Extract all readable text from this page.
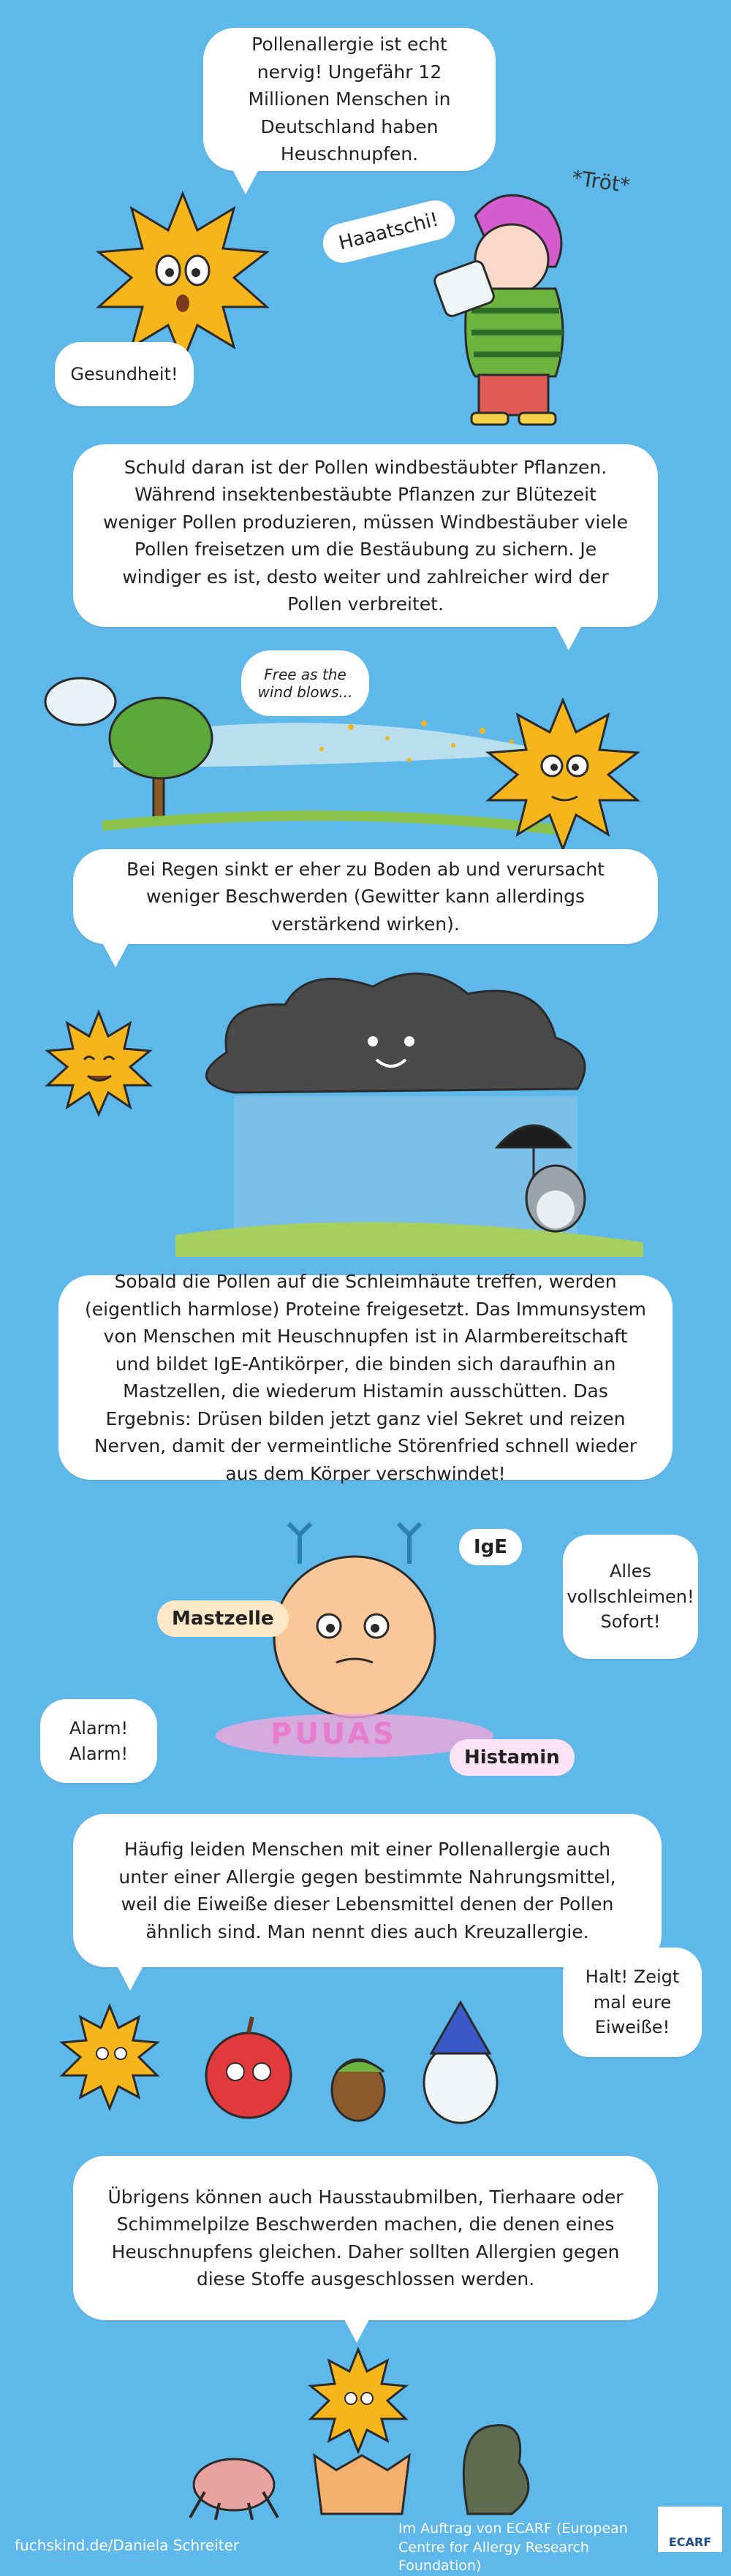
Pollenallergie ist echt nervig! Ungefähr 12 Millionen Menschen in Deutschland haben Heuschnupfen.
Gesundheit!
Haaatschi!
*Tröt*
Schuld daran ist der Pollen windbestäubter Pflanzen. Während insektenbestäubte Pflanzen zur Blütezeit weniger Pollen produzieren, müssen Windbestäuber viele Pollen freisetzen um die Bestäubung zu sichern. Je windiger es ist, desto weiter und zahlreicher wird der Pollen verbreitet.
Free as the
wind blows...
Bei Regen sinkt er eher zu Boden ab und verursacht weniger Beschwerden (Gewitter kann allerdings verstärkend wirken).
Sobald die Pollen auf die Schleimhäute treffen, werden (eigentlich harmlose) Proteine freigesetzt. Das Immunsystem von Menschen mit Heuschnupfen ist in Alarmbereitschaft und bildet IgE-Antikörper, die binden sich daraufhin an Mastzellen, die wiederum Histamin ausschütten. Das Ergebnis: Drüsen bilden jetzt ganz viel Sekret und reizen Nerven, damit der vermeintliche Störenfried schnell wieder aus dem Körper verschwindet!
PUUAS
Mastzelle
IgE
Histamin
Alles vollschleimen! Sofort!
Alarm! Alarm!
Häufig leiden Menschen mit einer Pollenallergie auch unter einer Allergie gegen bestimmte Nahrungsmittel, weil die Eiweiße dieser Lebensmittel denen der Pollen ähnlich sind. Man nennt dies auch Kreuzallergie.
Halt! Zeigt mal eure Eiweiße!
Übrigens können auch Hausstaubmilben, Tierhaare oder Schimmelpilze Beschwerden machen, die denen eines Heuschnupfens gleichen. Daher sollten Allergien gegen diese Stoffe ausgeschlossen werden.
fuchskind.de/Daniela Schreiter
Im Auftrag von ECARF (European Centre for Allergy Research Foundation)
ECARF
